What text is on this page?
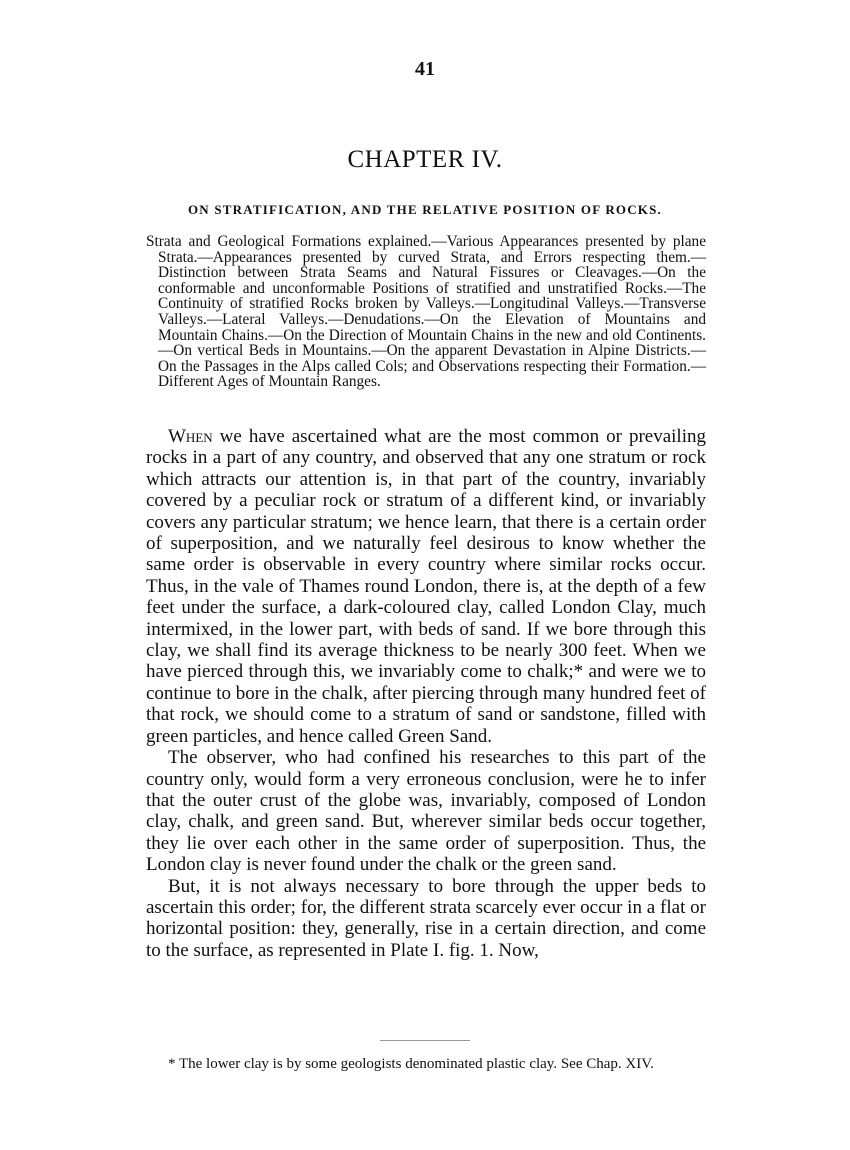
41
CHAPTER IV.
ON STRATIFICATION, AND THE RELATIVE POSITION OF ROCKS.

Strata and Geological Formations explained.—Various Appearances presented by plane Strata.—Appearances presented by curved Strata, and Errors respecting them.—Distinction between Strata Seams and Natural Fissures or Cleavages.—On the conformable and unconformable Positions of stratified and unstratified Rocks.—The Continuity of stratified Rocks broken by Valleys.—Longitudinal Valleys.—Transverse Valleys.—Lateral Valleys.—Denudations.—On the Elevation of Mountains and Mountain Chains.—On the Direction of Mountain Chains in the new and old Continents.—On vertical Beds in Mountains.—On the apparent Devastation in Alpine Districts.—On the Passages in the Alps called Cols; and Observations respecting their Formation.—Different Ages of Mountain Ranges.

When we have ascertained what are the most common or prevailing rocks in a part of any country, and observed that any one stratum or rock which attracts our attention is, in that part of the country, invariably covered by a peculiar rock or stratum of a different kind, or invariably covers any particular stratum; we hence learn, that there is a certain order of superposition, and we naturally feel desirous to know whether the same order is observable in every country where similar rocks occur. Thus, in the vale of Thames round London, there is, at the depth of a few feet under the surface, a dark-coloured clay, called London Clay, much intermixed, in the lower part, with beds of sand. If we bore through this clay, we shall find its average thickness to be nearly 300 feet. When we have pierced through this, we invariably come to chalk;* and were we to continue to bore in the chalk, after piercing through many hundred feet of that rock, we should come to a stratum of sand or sandstone, filled with green particles, and hence called Green Sand.

The observer, who had confined his researches to this part of the country only, would form a very erroneous conclusion, were he to infer that the outer crust of the globe was, invariably, composed of London clay, chalk, and green sand. But, wherever similar beds occur together, they lie over each other in the same order of superposition. Thus, the London clay is never found under the chalk or the green sand.

But, it is not always necessary to bore through the upper beds to ascertain this order; for, the different strata scarcely ever occur in a flat or horizontal position: they, generally, rise in a certain direction, and come to the surface, as represented in Plate I. fig. 1. Now,

* The lower clay is by some geologists denominated plastic clay. See Chap. XIV.
